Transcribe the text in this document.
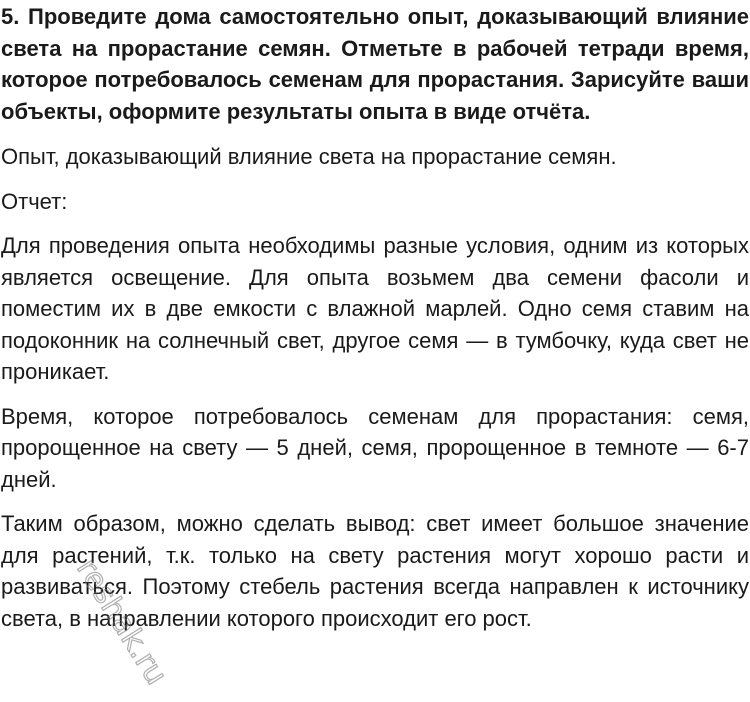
5. Проведите дома самостоятельно опыт, доказывающий влияние света на прорастание семян. Отметьте в рабочей тетради время, которое потребовалось семенам для прорастания. Зарисуйте ваши объекты, оформите результаты опыта в виде отчёта.

Опыт, доказывающий влияние света на прорастание семян.

Отчет:

Для проведения опыта необходимы разные условия, одним из которых является освещение. Для опыта возьмем два семени фасоли и поместим их в две емкости с влажной марлей. Одно семя ставим на подоконник на солнечный свет, другое семя — в тумбочку, куда свет не проникает.

Время, которое потребовалось семенам для прорастания: семя, пророщенное на свету — 5 дней, семя, пророщенное в темноте — 6-7 дней.

Таким образом, можно сделать вывод: свет имеет большое значение для растений, т.к. только на свету растения могут хорошо расти и развиваться. Поэтому стебель растения всегда направлен к источнику света, в направлении которого происходит его рост.

reshak.ru
